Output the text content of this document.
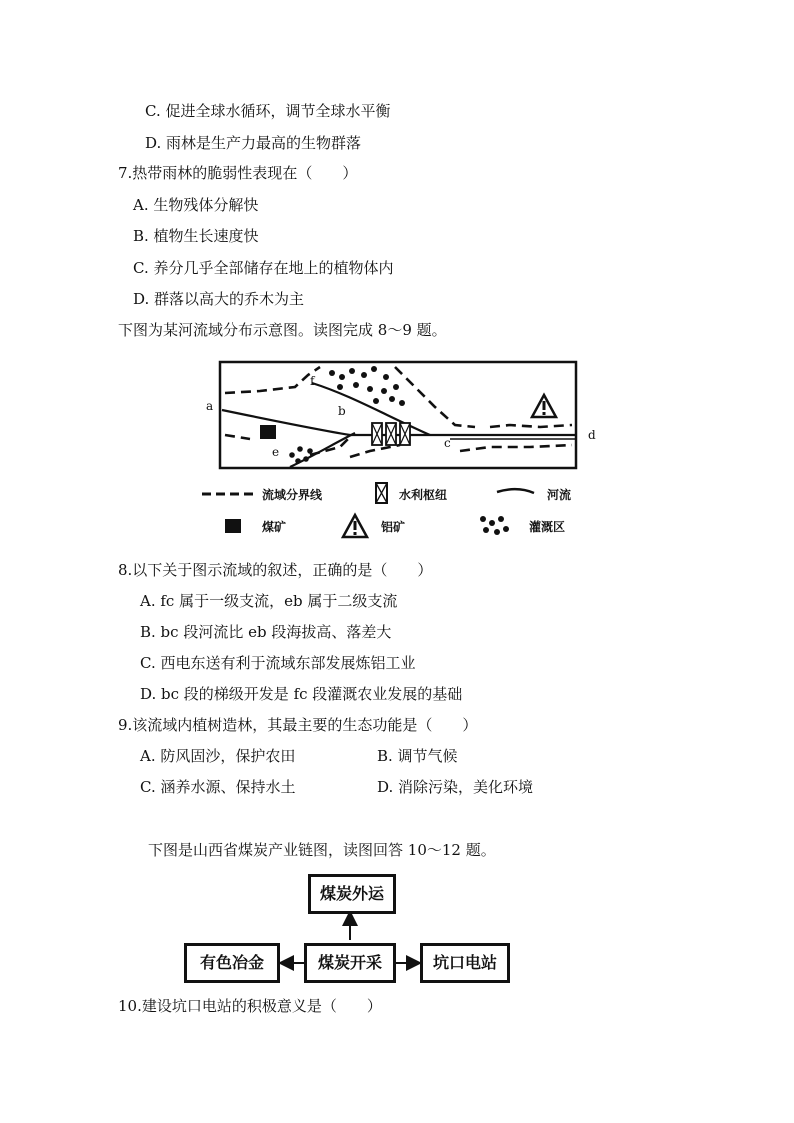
C. 促进全球水循环，调节全球水平衡
D. 雨林是生产力最高的生物群落
7.热带雨林的脆弱性表现在（　　）
A. 生物残体分解快
B. 植物生长速度快
C. 养分几乎全部储存在地上的植物体内
D. 群落以高大的乔木为主
下图为某河流域分布示意图。读图完成 8～9 题。
a	b
c
d
e
f
流域分界线	水利枢纽	河流
煤矿	铝矿	灌溉区
8.以下关于图示流域的叙述，正确的是（　　）
A. fc 属于一级支流，eb 属于二级支流
B. bc 段河流比 eb 段海拔高、落差大
C. 西电东送有利于流域东部发展炼铝工业
D. bc 段的梯级开发是 fc 段灌溉农业发展的基础
9.该流域内植树造林，其最主要的生态功能是（　　）
A. 防风固沙，保护农田	B. 调节气候
C. 涵养水源、保持水土	D. 消除污染，美化环境
下图是山西省煤炭产业链图，读图回答 10～12 题。
煤炭外运
煤炭开采
有色冶金	坑口电站
10.建设坑口电站的积极意义是（　　）
